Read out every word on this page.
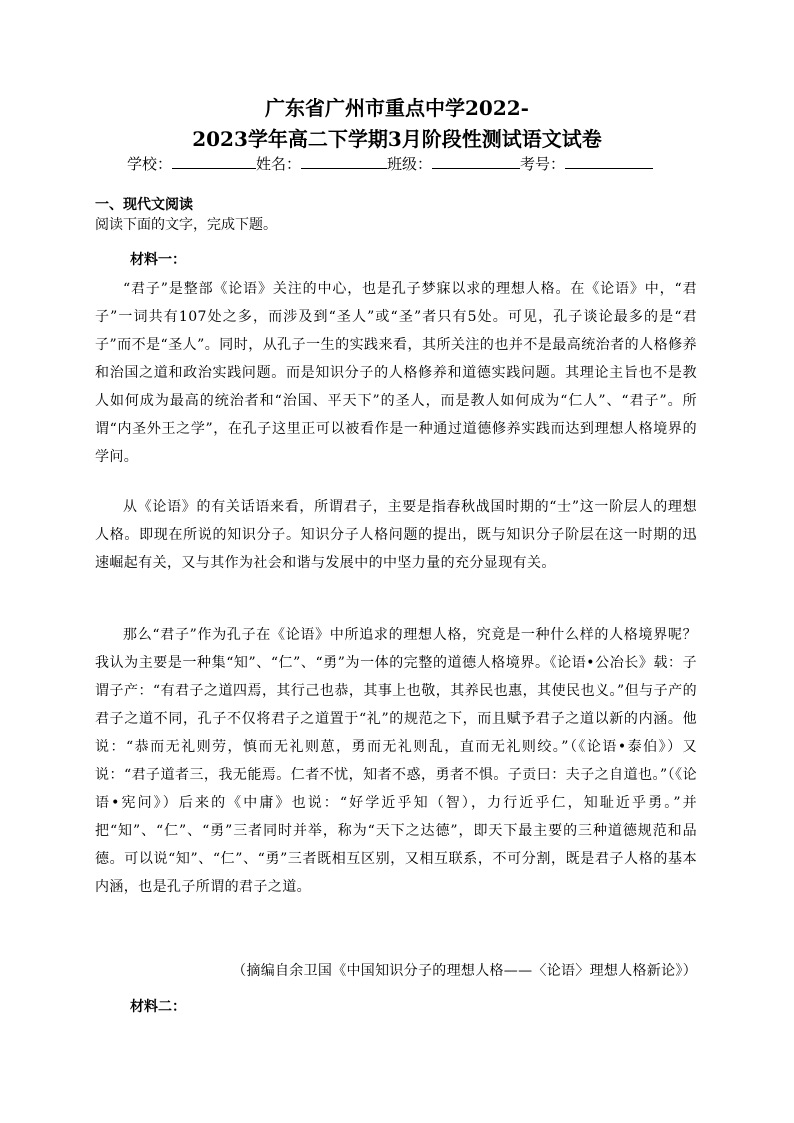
广东省广州市重点中学2022-
2023学年高二下学期3月阶段性测试语文试卷
学校：	姓名：	班级：	考号：
一、现代文阅读
阅读下面的文字，完成下题。
材料一：

“君子”是整部《论语》关注的中心，也是孔子梦寐以求的理想人格。在《论语》中，“君子”一词共有107处之多，而涉及到“圣人”或“圣”者只有5处。可见，孔子谈论最多的是“君子”而不是“圣人”。同时，从孔子一生的实践来看，其所关注的也并不是最高统治者的人格修养和治国之道和政治实践问题。而是知识分子的人格修养和道德实践问题。其理论主旨也不是教人如何成为最高的统治者和“治国、平天下”的圣人，而是教人如何成为“仁人”、“君子”。所谓“内圣外王之学”，在孔子这里正可以被看作是一种通过道德修养实践而达到理想人格境界的学问。

从《论语》的有关话语来看，所谓君子，主要是指春秋战国时期的“士”这一阶层人的理想人格。即现在所说的知识分子。知识分子人格问题的提出，既与知识分子阶层在这一时期的迅速崛起有关，又与其作为社会和谐与发展中的中坚力量的充分显现有关。

那么“君子”作为孔子在《论语》中所追求的理想人格，究竟是一种什么样的人格境界呢？我认为主要是一种集“知”、“仁”、“勇”为一体的完整的道德人格境界。《论语•公冶长》载：子谓子产：“有君子之道四焉，其行己也恭，其事上也敬，其养民也惠，其使民也义。”但与子产的君子之道不同，孔子不仅将君子之道置于“礼”的规范之下，而且赋予君子之道以新的内涵。他说：“恭而无礼则劳，慎而无礼则葸，勇而无礼则乱，直而无礼则绞。”（《论语•泰伯》）又说：“君子道者三，我无能焉。仁者不忧，知者不惑，勇者不惧。子贡曰：夫子之自道也。”（《论语•宪问》）后来的《中庸》也说：“好学近乎知（智），力行近乎仁，知耻近乎勇。”并把“知”、“仁”、“勇”三者同时并举，称为“天下之达德”，即天下最主要的三种道德规范和品德。可以说“知”、“仁”、“勇”三者既相互区别，又相互联系，不可分割，既是君子人格的基本内涵，也是孔子所谓的君子之道。

（摘编自余卫国《中国知识分子的理想人格——〈论语〉理想人格新论》）
材料二：
